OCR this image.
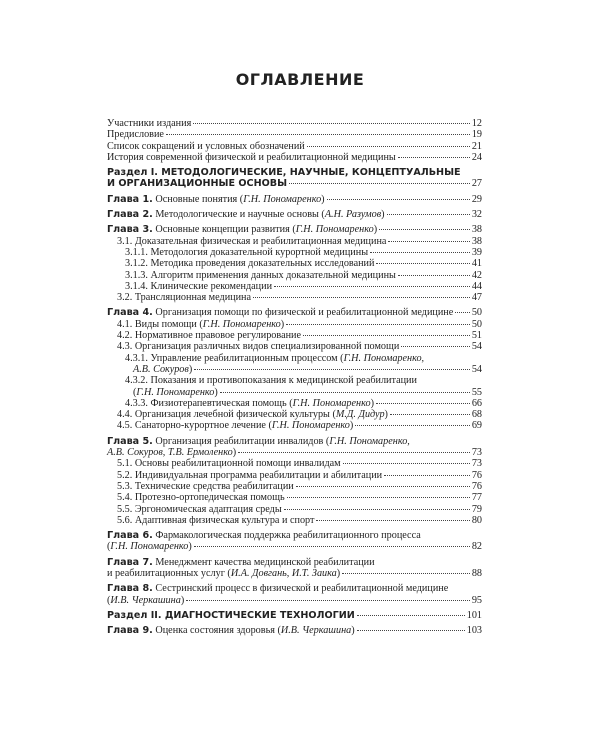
ОГЛАВЛЕНИЕ
Участники издания	12
Предисловие	19
Список сокращений и условных обозначений	21
История современной физической и реабилитационной медицины	24
Раздел I. МЕТОДОЛОГИЧЕСКИЕ, НАУЧНЫЕ, КОНЦЕПТУАЛЬНЫЕ
И ОРГАНИЗАЦИОННЫЕ ОСНОВЫ	27
Глава 1. Основные понятия (Г.Н. Пономаренко)	29
Глава 2. Методологические и научные основы (А.Н. Разумов)	32
Глава 3. Основные концепции развития (Г.Н. Пономаренко)	38
3.1. Доказательная физическая и реабилитационная медицина	38
3.1.1. Методология доказательной курортной медицины	39
3.1.2. Методика проведения доказательных исследований	41
3.1.3. Алгоритм применения данных доказательной медицины	42
3.1.4. Клинические рекомендации	44
3.2. Трансляционная медицина	47
Глава 4. Организация помощи по физической и реабилитационной медицине 50
4.1. Виды помощи (Г.Н. Пономаренко)	50
4.2. Нормативное правовое регулирование	51
4.3. Организация различных видов специализированной помощи	54
4.3.1. Управление реабилитационным процессом (Г.Н. Пономаренко,
А.В. Сокуров)	54
4.3.2. Показания и противопоказания к медицинской реабилитации
(Г.Н. Пономаренко)	55
4.3.3. Физиотерапевтическая помощь (Г.Н. Пономаренко)	66
4.4. Организация лечебной физической культуры (М.Д. Дидур)	68
4.5. Санаторно-курортное лечение (Г.Н. Пономаренко)	69
Глава 5. Организация реабилитации инвалидов (Г.Н. Пономаренко,
А.В. Сокуров, Т.В. Ермоленко)	73
5.1. Основы реабилитационной помощи инвалидам	73
5.2. Индивидуальная программа реабилитации и абилитации	76
5.3. Технические средства реабилитации	76
5.4. Протезно-ортопедическая помощь	77
5.5. Эргономическая адаптация среды	79
5.6. Адаптивная физическая культура и спорт	80
Глава 6. Фармакологическая поддержка реабилитационного процесса
(Г.Н. Пономаренко)	82
Глава 7. Менеджмент качества медицинской реабилитации
и реабилитационных услуг (И.А. Довгань, И.Т. Заика)	88
Глава 8. Сестринский процесс в физической и реабилитационной медицине
(И.В. Черкашина)	95
Раздел II. ДИАГНОСТИЧЕСКИЕ ТЕХНОЛОГИИ	101
Глава 9. Оценка состояния здоровья (И.В. Черкашина)	103
